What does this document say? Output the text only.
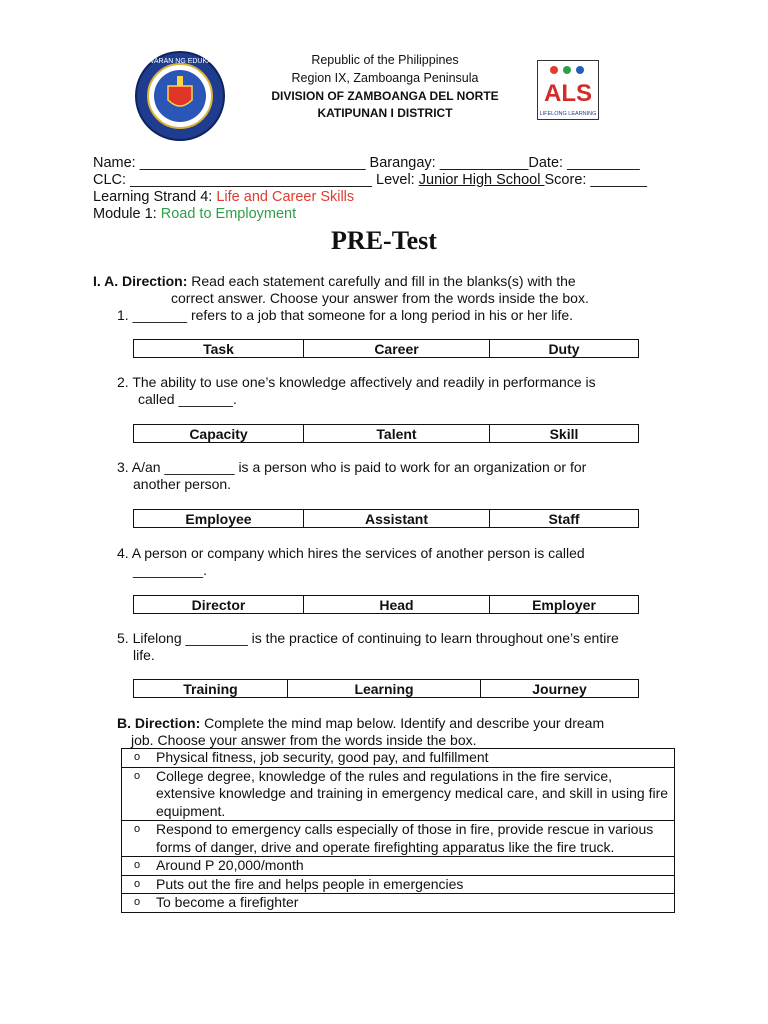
KAGAWARAN NG EDUKASYON
ALS
LIFELONG LEARNING
Republic of the Philippines
Region IX, Zamboanga Peninsula
DIVISION OF ZAMBOANGA DEL NORTE
KATIPUNAN I DISTRICT
Name: ____________________________ Barangay: ___________Date: _________
CLC: ______________________________ Level: Junior High School Score: _______
Learning Strand 4: Life and Career Skills
Module 1: Road to Employment
PRE-Test
I. A. Direction: Read each statement carefully and fill in the blanks(s) with the
correct answer. Choose your answer from the words inside the box.
1. _______ refers to a job that someone for a long period in his or her life.
Task	Career	Duty
2. The ability to use one’s knowledge affectively and readily in performance is
called _______.
Capacity	Talent	Skill
3. A/an _________ is a person who is paid to work for an organization or for
another person.
Employee	Assistant	Staff
4. A person or company which hires the services of another person is called
_________.
Director	Head	Employer
5. Lifelong ________ is the practice of continuing to learn throughout one’s entire
life.
Training	Learning	Journey
B. Direction: Complete the mind map below. Identify and describe your dream
job. Choose your answer from the words inside the box.
o Physical fitness, job security, good pay, and fulfillment

o College degree, knowledge of the rules and regulations in the fire service, extensive knowledge and training in emergency medical care, and skill in using fire equipment.

o Respond to emergency calls especially of those in fire, provide rescue in various forms of danger, drive and operate firefighting apparatus like the fire truck.

o Around P 20,000/month

o Puts out the fire and helps people in emergencies

o To become a firefighter
